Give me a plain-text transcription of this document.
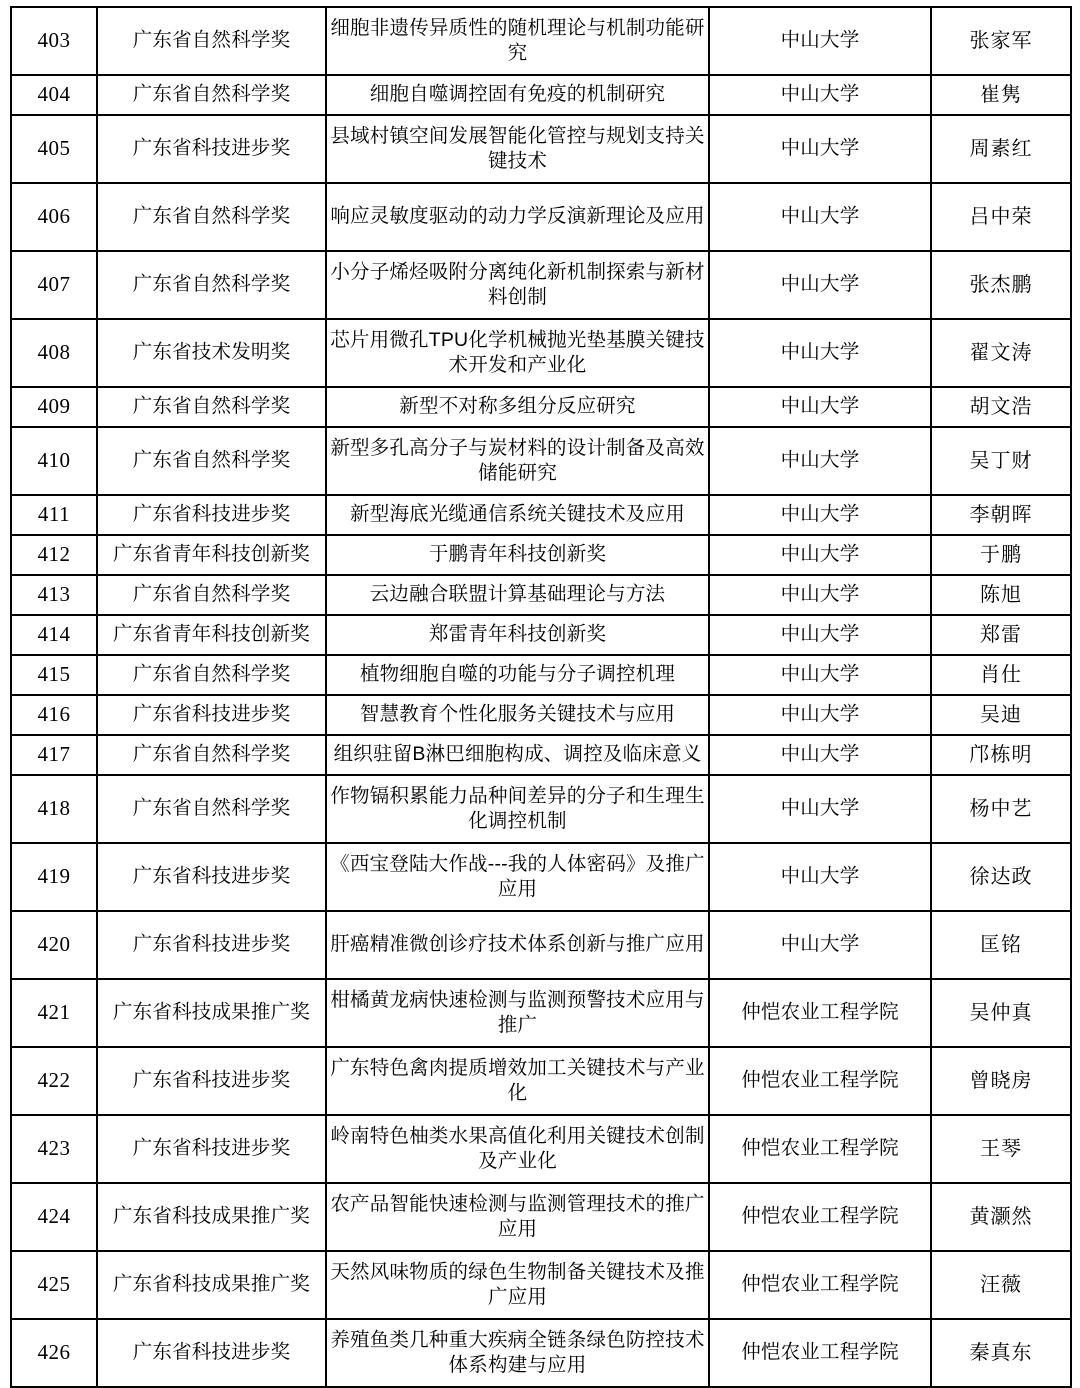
403	广东省自然科学奖	细胞非遗传异质性的随机理论与机制功能研究	中山大学	张家军
404	广东省自然科学奖	细胞自噬调控固有免疫的机制研究	中山大学	崔隽
405	广东省科技进步奖	县域村镇空间发展智能化管控与规划支持关键技术	中山大学	周素红
406	广东省自然科学奖	响应灵敏度驱动的动力学反演新理论及应用	中山大学	吕中荣
407	广东省自然科学奖	小分子烯烃吸附分离纯化新机制探索与新材料创制	中山大学	张杰鹏
408	广东省技术发明奖	芯片用微孔TPU化学机械抛光垫基膜关键技术开发和产业化	中山大学	翟文涛
409	广东省自然科学奖	新型不对称多组分反应研究	中山大学	胡文浩
410	广东省自然科学奖	新型多孔高分子与炭材料的设计制备及高效储能研究	中山大学	吴丁财
411	广东省科技进步奖	新型海底光缆通信系统关键技术及应用	中山大学	李朝晖
412	广东省青年科技创新奖	于鹏青年科技创新奖	中山大学	于鹏
413	广东省自然科学奖	云边融合联盟计算基础理论与方法	中山大学	陈旭
414	广东省青年科技创新奖	郑雷青年科技创新奖	中山大学	郑雷
415	广东省自然科学奖	植物细胞自噬的功能与分子调控机理	中山大学	肖仕
416	广东省科技进步奖	智慧教育个性化服务关键技术与应用	中山大学	吴迪
417	广东省自然科学奖	组织驻留B淋巴细胞构成、调控及临床意义	中山大学	邝栋明
418	广东省自然科学奖	作物镉积累能力品种间差异的分子和生理生化调控机制	中山大学	杨中艺
419	广东省科技进步奖	《西宝登陆大作战---我的人体密码》及推广应用	中山大学	徐达政
420	广东省科技进步奖	肝癌精准微创诊疗技术体系创新与推广应用	中山大学	匡铭
421	广东省科技成果推广奖	柑橘黄龙病快速检测与监测预警技术应用与推广	仲恺农业工程学院	吴仲真
422	广东省科技进步奖	广东特色禽肉提质增效加工关键技术与产业化	仲恺农业工程学院	曾晓房
423	广东省科技进步奖	岭南特色柚类水果高值化利用关键技术创制及产业化	仲恺农业工程学院	王琴
424	广东省科技成果推广奖	农产品智能快速检测与监测管理技术的推广应用	仲恺农业工程学院	黄灏然
425	广东省科技成果推广奖	天然风味物质的绿色生物制备关键技术及推广应用	仲恺农业工程学院	汪薇
426	广东省科技进步奖	养殖鱼类几种重大疾病全链条绿色防控技术体系构建与应用	仲恺农业工程学院	秦真东
